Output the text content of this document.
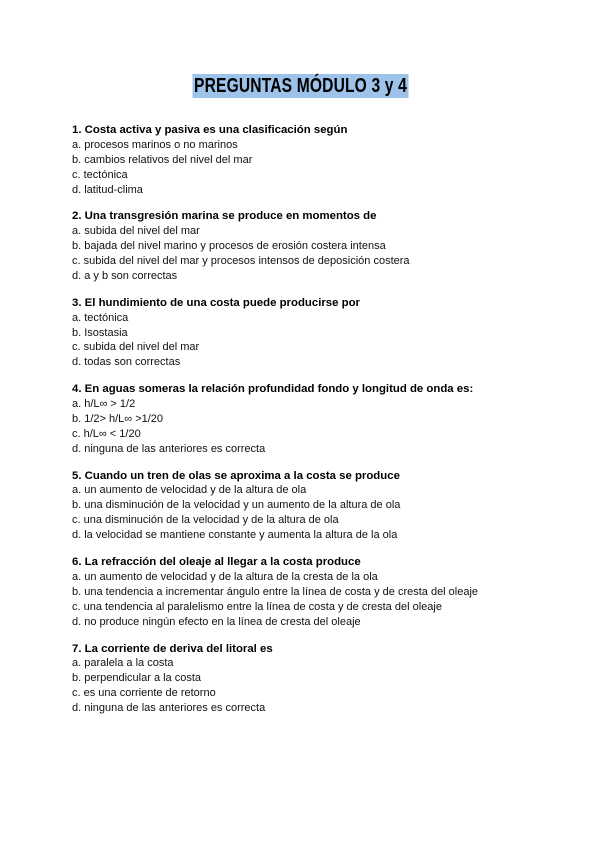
PREGUNTAS MÓDULO 3 y 4
1. Costa activa y pasiva es una clasificación según
a. procesos marinos o no marinos
b. cambios relativos del nivel del mar
c. tectónica
d. latitud-clima
2. Una transgresión marina se produce en momentos de
a. subida del nivel del mar
b. bajada del nivel marino y procesos de erosión costera intensa
c. subida del nivel del mar y procesos intensos de deposición costera
d. a y b son correctas
3. El hundimiento de una costa puede producirse por
a. tectónica
b. Isostasia
c. subida del nivel del mar
d. todas son correctas
4. En aguas someras la relación profundidad fondo y longitud de onda es:
a. h/L∞ > 1/2
b. 1/2> h/L∞ >1/20
c. h/L∞ < 1/20
d. ninguna de las anteriores es correcta
5. Cuando un tren de olas se aproxima a la costa se produce
a. un aumento de velocidad y de la altura de ola
b. una disminución de la velocidad y un aumento de la altura de ola
c. una disminución de la velocidad y de la altura de ola
d. la velocidad se mantiene constante y aumenta la altura de la ola
6. La refracción del oleaje al llegar a la costa produce
a. un aumento de velocidad y de la altura de la cresta de la ola
b. una tendencia a incrementar ángulo entre la línea de costa y de cresta del oleaje
c. una tendencia al paralelismo entre la línea de costa y de cresta del oleaje
d. no produce ningún efecto en la línea de cresta del oleaje
7. La corriente de deriva del litoral es
a. paralela a la costa
b. perpendicular a la costa
c. es una corriente de retorno
d. ninguna de las anteriores es correcta
